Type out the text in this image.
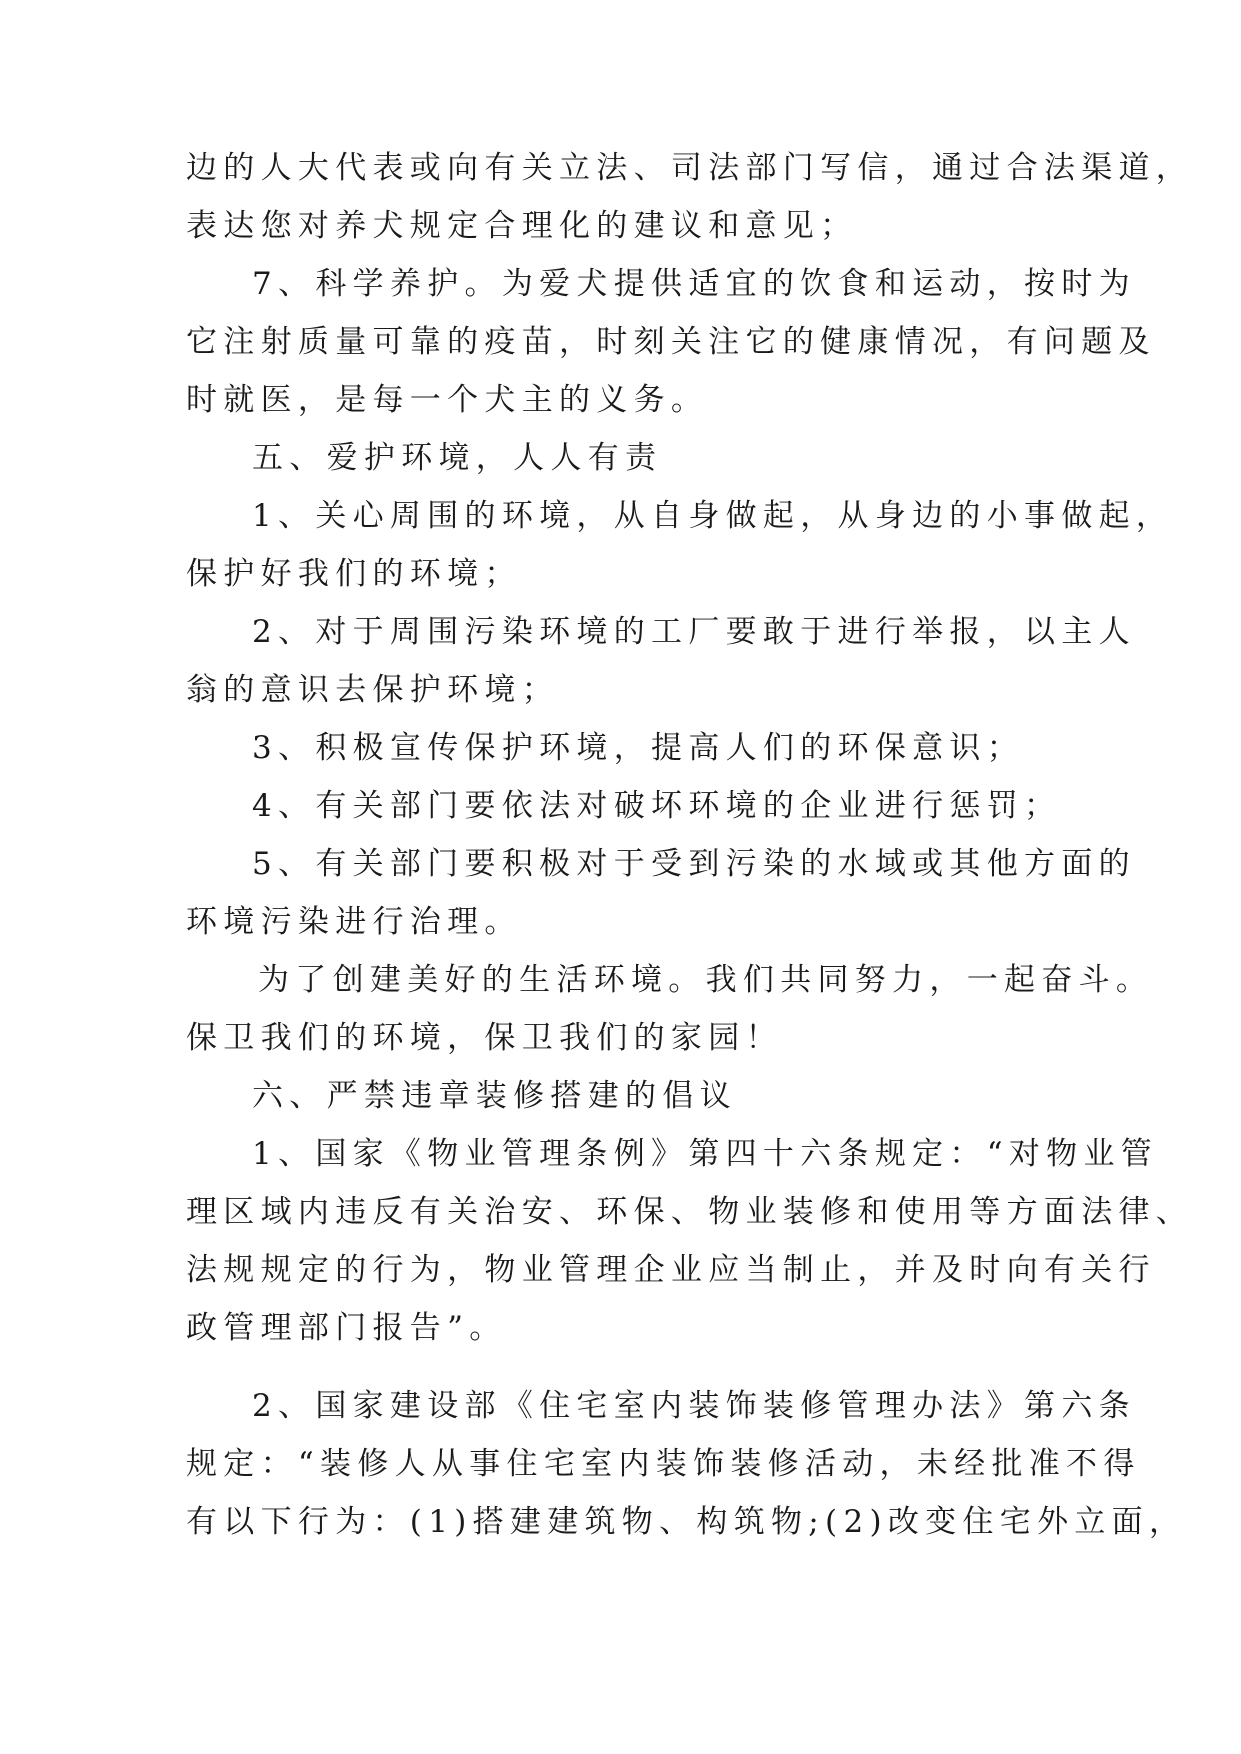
边的人大代表或向有关立法、司法部门写信，通过合法渠道，
表达您对养犬规定合理化的建议和意见；
7、科学养护。为爱犬提供适宜的饮食和运动，按时为
它注射质量可靠的疫苗，时刻关注它的健康情况，有问题及
时就医，是每一个犬主的义务。
五、爱护环境，人人有责
1、关心周围的环境，从自身做起，从身边的小事做起，
保护好我们的环境；
2、对于周围污染环境的工厂要敢于进行举报，以主人
翁的意识去保护环境；
3、积极宣传保护环境，提高人们的环保意识；
4、有关部门要依法对破坏环境的企业进行惩罚；
5、有关部门要积极对于受到污染的水域或其他方面的
环境污染进行治理。
为了创建美好的生活环境。我们共同努力，一起奋斗。
保卫我们的环境，保卫我们的家园！
六、严禁违章装修搭建的倡议
1、国家《物业管理条例》第四十六条规定：“对物业管
理区域内违反有关治安、环保、物业装修和使用等方面法律、
法规规定的行为，物业管理企业应当制止，并及时向有关行
政管理部门报告”。
2、国家建设部《住宅室内装饰装修管理办法》第六条
规定：“装修人从事住宅室内装饰装修活动，未经批准不得
有以下行为：(1)搭建建筑物、构筑物;(2)改变住宅外立面，
